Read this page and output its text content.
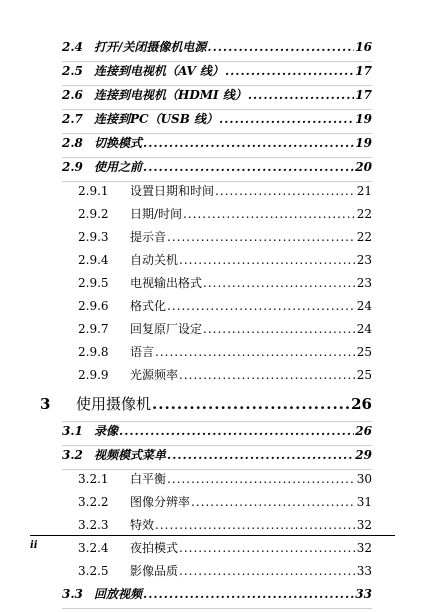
2.4 打开/关闭摄像机电源 .....	16
2.5 连接到电视机（AV 线） .....	17
2.6 连接到电视机（HDMI 线） .....	17
2.7 连接到PC（USB 线） .....	19
2.8 切换模式 .....	19
2.9 使用之前 .....	20
2.9.1	设置日期和时间 .....	21
2.9.2	日期/时间 .....	22
2.9.3	提示音 .....	22
2.9.4	自动关机 .....	23
2.9.5	电视输出格式 .....	23
2.9.6	格式化 .....	24
2.9.7	回复原厂设定 .....	24
2.9.8	语言 .....	25
2.9.9	光源频率 .....	25
3	使用摄像机 .....	26
3.1 录像 .....	26
3.2 视频模式菜单 .....	29
3.2.1	白平衡 .....	30
3.2.2	图像分辨率 .....	31
3.2.3	特效 .....	32
3.2.4	夜拍模式 .....	32
3.2.5	影像品质 .....	33
3.3 回放视频 .....	33
ii
